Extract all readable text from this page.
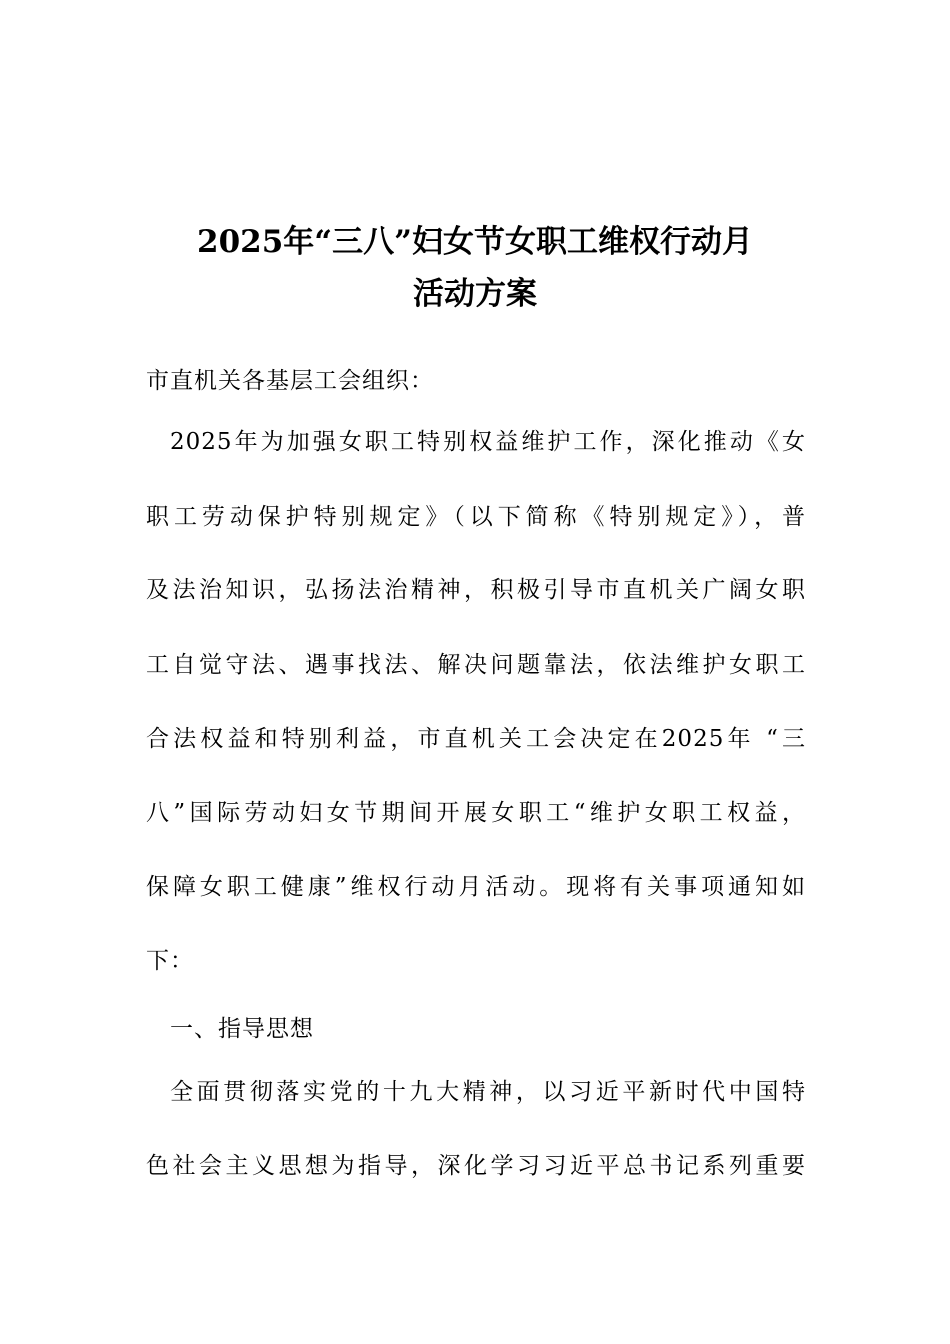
2025年“三八”妇女节女职工维权行动月
活动方案
市直机关各基层工会组织：
2025年为加强女职工特别权益维护工作，深化推动《女
职工劳动保护特别规定》（以下简称《特别规定》），普
及法治知识，弘扬法治精神，积极引导市直机关广阔女职
工自觉守法、遇事找法、解决问题靠法，依法维护女职工
合法权益和特别利益，市直机关工会决定在2025年 “三
八”国际劳动妇女节期间开展女职工“维护女职工权益，
保障女职工健康”维权行动月活动。现将有关事项通知如
下：
一、指导思想
全面贯彻落实党的十九大精神，以习近平新时代中国特
色社会主义思想为指导，深化学习习近平总书记系列重要
